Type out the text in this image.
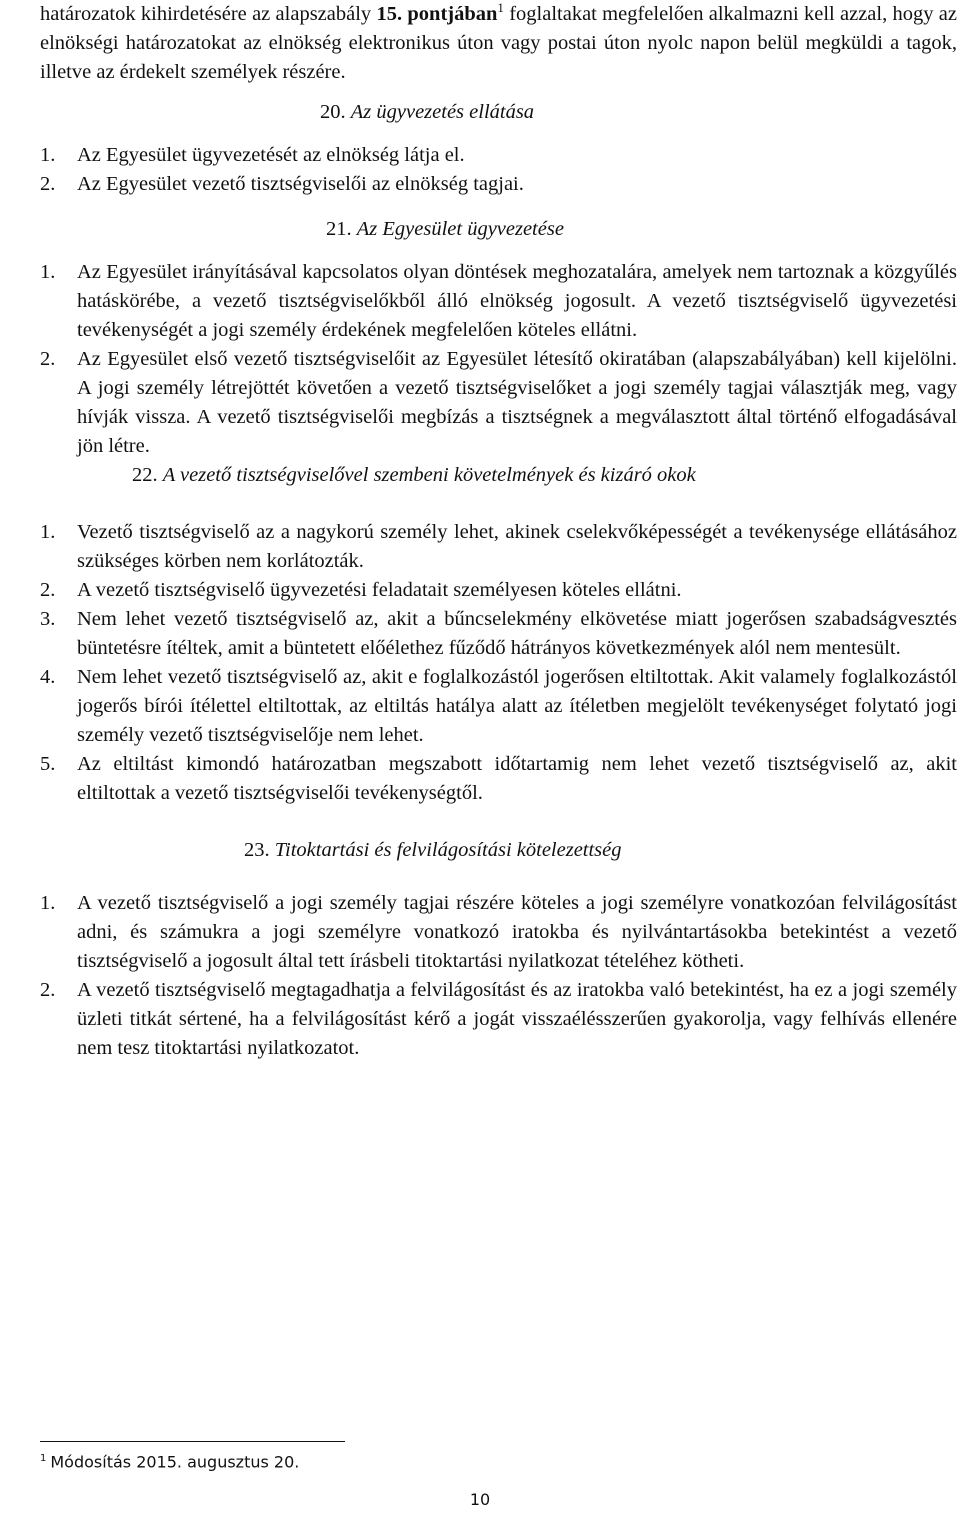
határozatok kihirdetésére az alapszabály 15. pontjában$^1$ foglaltakat megfelelően alkalmazni kell azzal, hogy az elnökségi határozatokat az elnökség elektronikus úton vagy postai úton nyolc napon belül megküldi a tagok, illetve az érdekelt személyek részére.

20. Az ügyvezetés ellátása

1.	Az Egyesület ügyvezetését az elnökség látja el.
2.	Az Egyesület vezető tisztségviselői az elnökség tagjai.

21. Az Egyesület ügyvezetése

1.	Az Egyesület irányításával kapcsolatos olyan döntések meghozatalára, amelyek nem tartoznak a közgyűlés hatáskörébe, a vezető tisztségviselőkből álló elnökség jogosult. A vezető tisztségviselő ügyvezetési tevékenységét a jogi személy érdekének megfelelően köteles ellátni.
2.	Az Egyesület első vezető tisztségviselőit az Egyesület létesítő okiratában (alapszabályában) kell kijelölni. A jogi személy létrejöttét követően a vezető tisztségviselőket a jogi személy tagjai választják meg, vagy hívják vissza. A vezető tisztségviselői megbízás a tisztségnek a megválasztott által történő elfogadásával jön létre.

22. A vezető tisztségviselővel szembeni követelmények és kizáró okok

1.	Vezető tisztségviselő az a nagykorú személy lehet, akinek cselekvőképességét a tevékenysége ellátásához szükséges körben nem korlátozták.
2.	A vezető tisztségviselő ügyvezetési feladatait személyesen köteles ellátni.
3.	Nem lehet vezető tisztségviselő az, akit a bűncselekmény elkövetése miatt jogerősen szabadságvesztés büntetésre ítéltek, amit a büntetett előélethez fűződő hátrányos következmények alól nem mentesült.
4.	Nem lehet vezető tisztségviselő az, akit e foglalkozástól jogerősen eltiltottak. Akit valamely foglalkozástól jogerős bírói ítélettel eltiltottak, az eltiltás hatálya alatt az ítéletben megjelölt tevékenységet folytató jogi személy vezető tisztségviselője nem lehet.
5.	Az eltiltást kimondó határozatban megszabott időtartamig nem lehet vezető tisztségviselő az, akit eltiltottak a vezető tisztségviselői tevékenységtől.

23. Titoktartási és felvilágosítási kötelezettség

1.	A vezető tisztségviselő a jogi személy tagjai részére köteles a jogi személyre vonatkozóan felvilágosítást adni, és számukra a jogi személyre vonatkozó iratokba és nyilvántartásokba betekintést a vezető tisztségviselő a jogosult által tett írásbeli titoktartási nyilatkozat tételéhez kötheti.
2.	A vezető tisztségviselő megtagadhatja a felvilágosítást és az iratokba való betekintést, ha ez a jogi személy üzleti titkát sértené, ha a felvilágosítást kérő a jogát visszaélésszerűen gyakorolja, vagy felhívás ellenére nem tesz titoktartási nyilatkozatot.
$^1$ Módosítás 2015. augusztus 20.
10
